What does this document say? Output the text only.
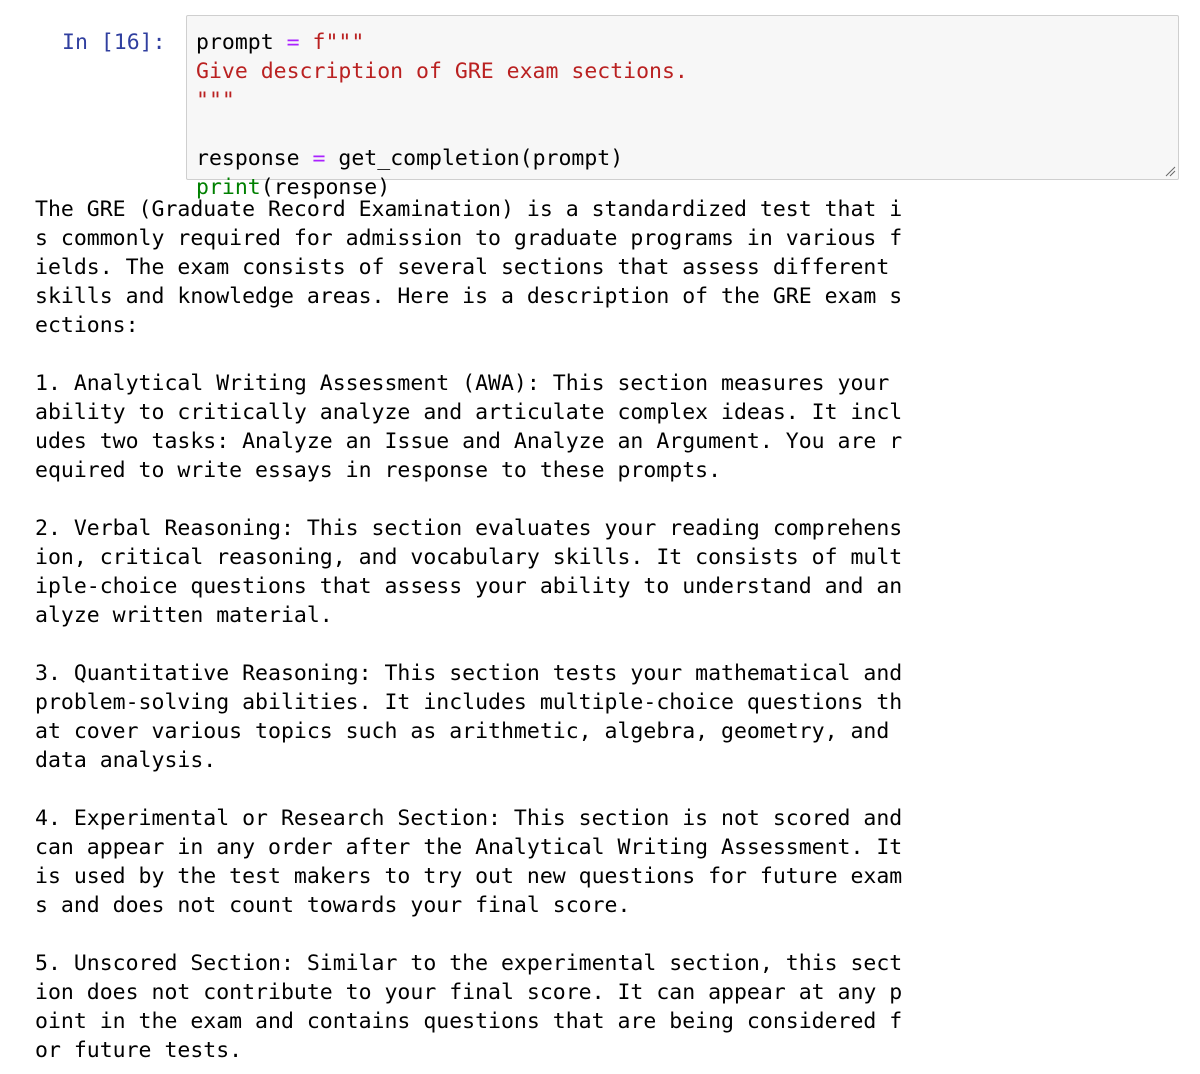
In [16]: prompt = f"""
Give description of GRE exam sections.
"""

response = get_completion(prompt)
print(response)
The GRE (Graduate Record Examination) is a standardized test that i
s commonly required for admission to graduate programs in various f
ields. The exam consists of several sections that assess different
skills and knowledge areas. Here is a description of the GRE exam s
ections:

1. Analytical Writing Assessment (AWA): This section measures your
ability to critically analyze and articulate complex ideas. It incl
udes two tasks: Analyze an Issue and Analyze an Argument. You are r
equired to write essays in response to these prompts.

2. Verbal Reasoning: This section evaluates your reading comprehens
ion, critical reasoning, and vocabulary skills. It consists of mult
iple-choice questions that assess your ability to understand and an
alyze written material.

3. Quantitative Reasoning: This section tests your mathematical and
problem-solving abilities. It includes multiple-choice questions th
at cover various topics such as arithmetic, algebra, geometry, and
data analysis.

4. Experimental or Research Section: This section is not scored and
can appear in any order after the Analytical Writing Assessment. It
is used by the test makers to try out new questions for future exam
s and does not count towards your final score.

5. Unscored Section: Similar to the experimental section, this sect
ion does not contribute to your final score. It can appear at any p
oint in the exam and contains questions that are being considered f
or future tests.
